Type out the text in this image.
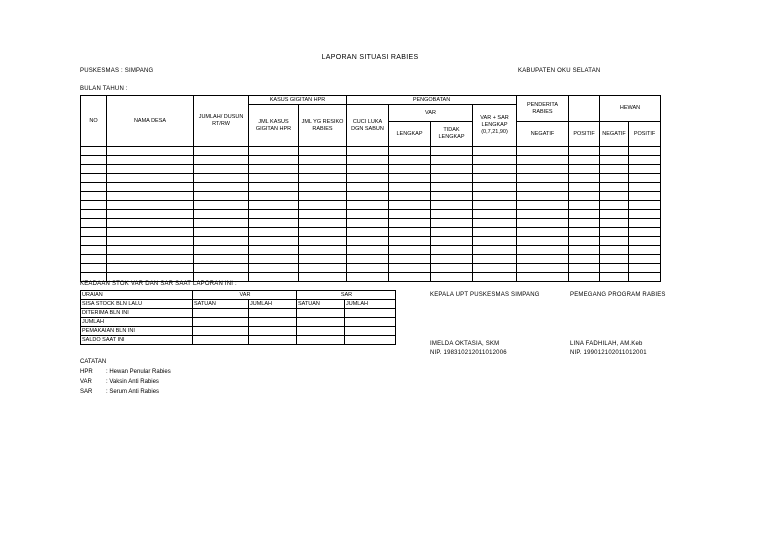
LAPORAN SITUASI RABIES
PUSKESMAS : SIMPANG	KABUPATEN OKU SELATAN
BULAN TAHUN :
NO	NAMA DESA	JUMLAH/ DUSUN RT/RW	KASUS GIGITAN HPR		PENGOBATAN				PENDERITA RABIES		HEWAN	
			JML KASUS GIGITAN HPR	JML YG RESIKO RABIES	CUCI LUKA DGN SABUN	VAR		VAR + SAR LENGKAP (0,7,21,90)				
						LENGKAP	TIDAK LENGKAP		NEGATIF	POSITIF	NEGATIF	POSITIF

KEADAAN STOK VAR DAN SAR SAAT LAPORAN INI :
URAIAN	VAR		SAR	
SISA STOCK BLN LALU	SATUAN	JUMLAH	SATUAN	JUMLAH
DITERIMA BLN INI				
JUMLAH				
PEMAKAIAN BLN INI				
SALDO SAAT INI				
KEPALA UPT PUSKESMAS SIMPANG	PEMEGANG PROGRAM RABIES
IMELDA OKTASIA, SKM
NIP. 198310212011012006
LINA FADHILAH, AM.Keb
NIP. 199012102011012001
CATATAN
HPR : Hewan Penular Rabies
VAR : Vaksin Anti Rabies
SAR : Serum Anti Rabies
